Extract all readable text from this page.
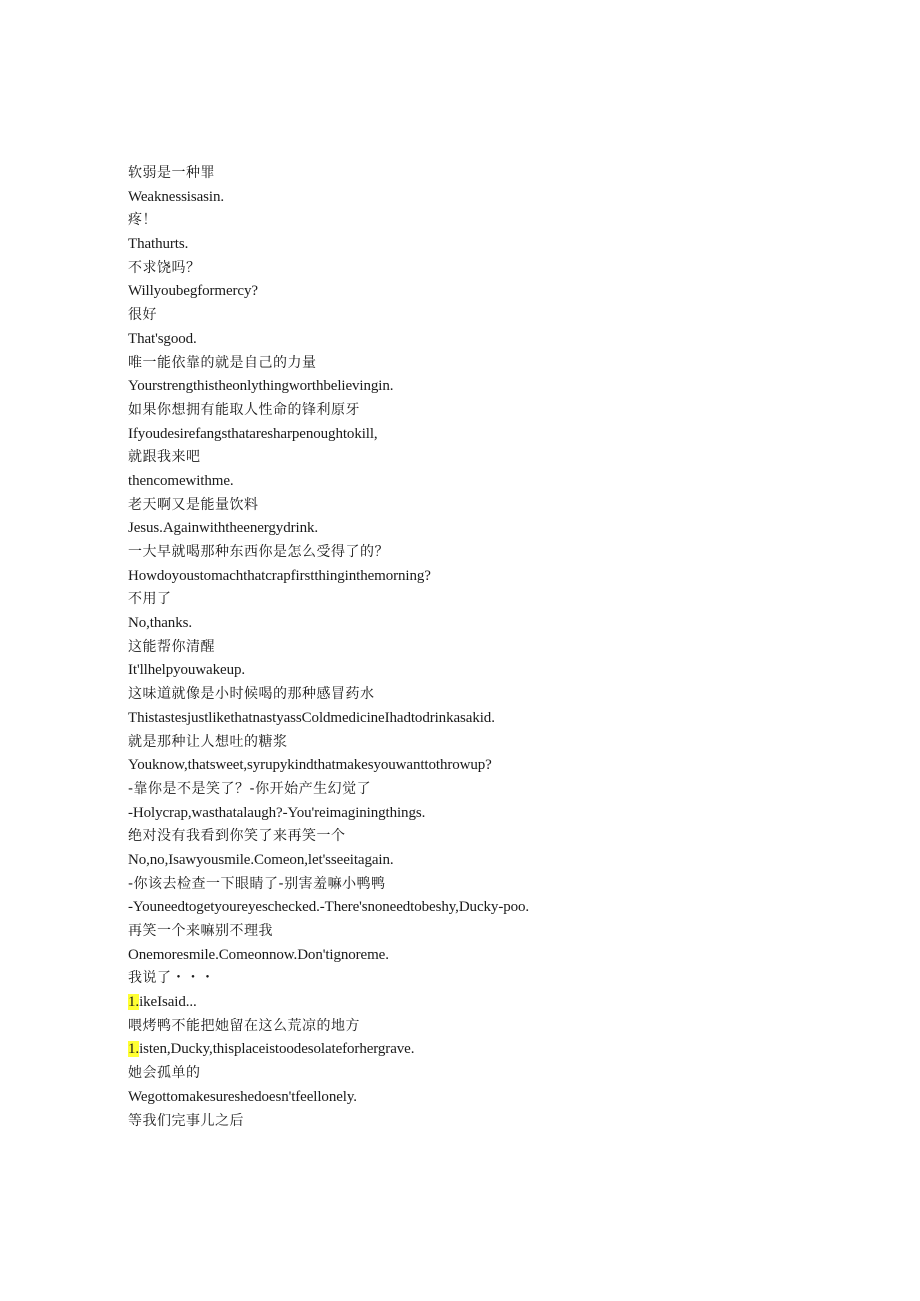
软弱是一种罪
Weaknessisasin.
疼！
Thathurts.
不求饶吗？
Willyoubegformercy?
很好
That'sgood.
唯一能依靠的就是自己的力量
Yourstrengthistheonlythingworthbelievingin.
如果你想拥有能取人性命的锋利原牙
Ifyoudesirefangsthataresharpenoughtokill,
就跟我来吧
thencomewithme.
老天啊又是能量饮料
Jesus.Againwiththeenergydrink.
一大早就喝那种东西你是怎么受得了的？
Howdoyoustomachthatcrapfirstthinginthemorning?
不用了
No,thanks.
这能帮你清醒
It'llhelpyouwakeup.
这味道就像是小时候喝的那种感冒药水
ThistastesjustlikethatnastyassColdmedicineIhadtodrinkasakid.
就是那种让人想吐的糖浆
Youknow,thatsweet,syrupykindthatmakesyouwanttothrowup?
-靠你是不是笑了？-你开始产生幻觉了
-Holycrap,wasthatalaugh?-You'reimaginingthings.
绝对没有我看到你笑了来再笑一个
No,no,Isawyousmile.Comeon,let'sseeitagain.
-你该去检查一下眼睛了-别害羞嘛小鸭鸭
-Youneedtogetyoureyeschecked.-There'snoneedtobeshy,Ducky-poo.
再笑一个来嘛别不理我
Onemoresmile.Comeonnow.Don'tignoreme.
我说了・・・
1.ikeIsaid...
喂烤鸭不能把她留在这么荒凉的地方
1.isten,Ducky,thisplaceistoodesolateforhergrave.
她会孤单的
Wegottomakesureshedoesn'tfeellonely.
等我们完事儿之后
